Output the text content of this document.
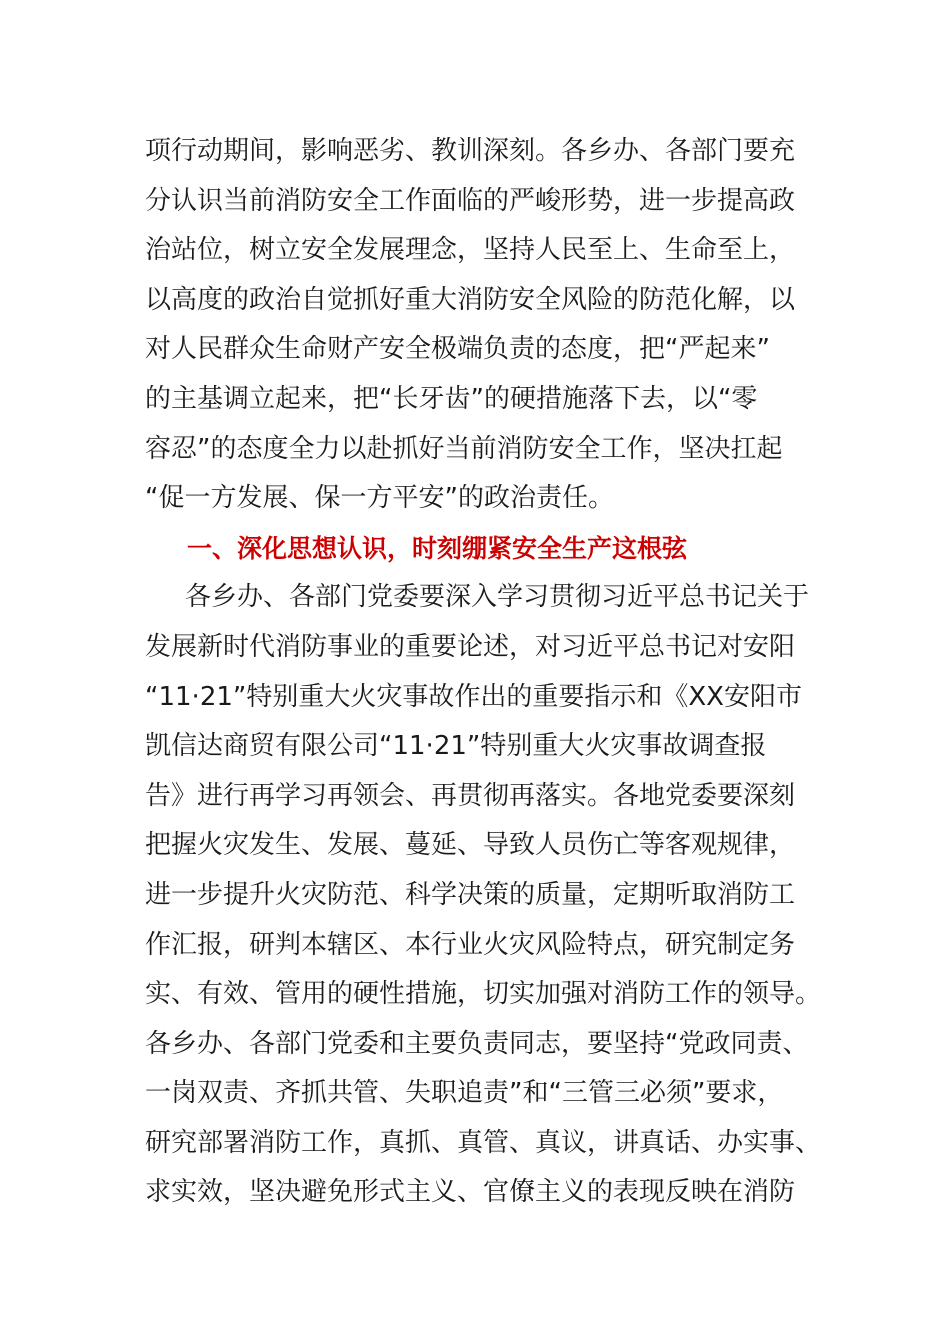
项行动期间，影响恶劣、教训深刻。各乡办、各部门要充
分认识当前消防安全工作面临的严峻形势，进一步提高政
治站位，树立安全发展理念，坚持人民至上、生命至上，
以高度的政治自觉抓好重大消防安全风险的防范化解，以
对人民群众生命财产安全极端负责的态度，把“严起来”
的主基调立起来，把“长牙齿”的硬措施落下去，以“零
容忍”的态度全力以赴抓好当前消防安全工作，坚决扛起
“促一方发展、保一方平安”的政治责任。
一、深化思想认识，时刻绷紧安全生产这根弦
各乡办、各部门党委要深入学习贯彻习近平总书记关于
发展新时代消防事业的重要论述，对习近平总书记对安阳
“11·21”特别重大火灾事故作出的重要指示和《XX安阳市
凯信达商贸有限公司“11·21”特别重大火灾事故调查报
告》进行再学习再领会、再贯彻再落实。各地党委要深刻
把握火灾发生、发展、蔓延、导致人员伤亡等客观规律，
进一步提升火灾防范、科学决策的质量，定期听取消防工
作汇报，研判本辖区、本行业火灾风险特点，研究制定务
实、有效、管用的硬性措施，切实加强对消防工作的领导。
各乡办、各部门党委和主要负责同志，要坚持“党政同责、
一岗双责、齐抓共管、失职追责”和“三管三必须”要求，
研究部署消防工作，真抓、真管、真议，讲真话、办实事、
求实效，坚决避免形式主义、官僚主义的表现反映在消防
